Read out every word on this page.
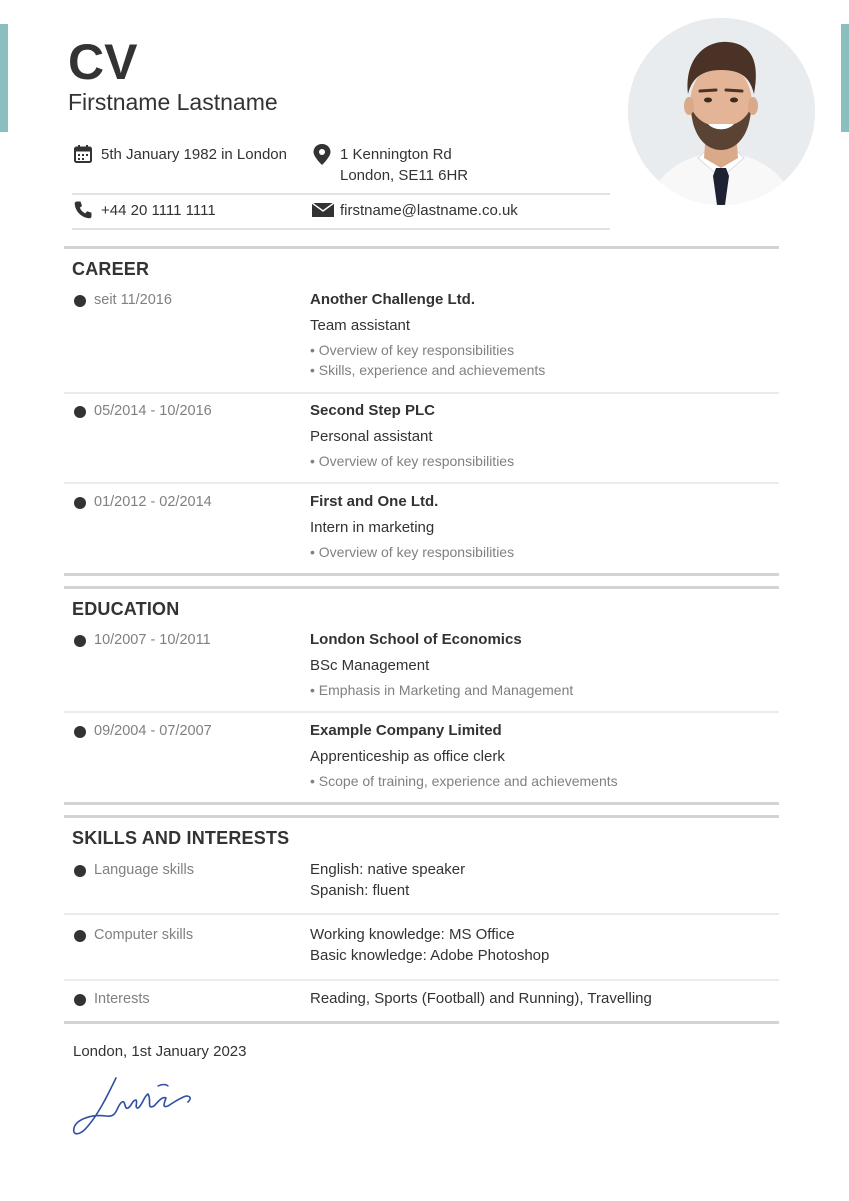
CV
Firstname Lastname
5th January 1982 in London	1 Kennington Rd
London, SE11 6HR
+44 20 1111 1111	firstname@lastname.co.uk
CAREER
seit 11/2016	Another Challenge Ltd.
Team assistant
• Overview of key responsibilities
• Skills, experience and achievements
05/2014 - 10/2016	Second Step PLC
Personal assistant
• Overview of key responsibilities
01/2012 - 02/2014	First and One Ltd.
Intern in marketing
• Overview of key responsibilities
EDUCATION
10/2007 - 10/2011	London School of Economics
BSc Management
• Emphasis in Marketing and Management
09/2004 - 07/2007	Example Company Limited
Apprenticeship as office clerk
• Scope of training, experience and achievements
SKILLS AND INTERESTS
Language skills	English: native speaker
Spanish: fluent
Computer skills	Working knowledge: MS Office
Basic knowledge: Adobe Photoshop
Interests	Reading, Sports (Football) and Running), Travelling
London, 1st January 2023
